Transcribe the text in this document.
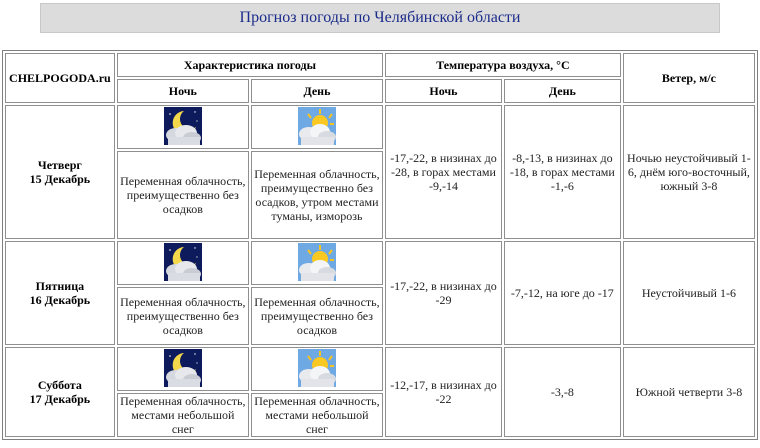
Прогноз погоды по Челябинской области
CHELPOGODA.ru	Характеристика погоды		Температура воздуха, °C		Ветер, м/с
	Ночь	День	Ночь	День	
Четверг
15 Декабрь			-17,-22, в низинах до -28, в горах местами -9,-14	-8,-13, в низинах до -18, в горах местами -1,-6	Ночью неустойчивый 1-6, днём юго-восточный, южный 3-8
	Переменная облачность, преимущественно без осадков	Переменная облачность, преимущественно без осадков, утром местами туманы, изморозь			
Пятница
16 Декабрь			-17,-22, в низинах до -29	-7,-12, на юге до -17	Неустойчивый 1-6
	Переменная облачность, преимущественно без осадков	Переменная облачность, преимущественно без осадков			
Суббота
17 Декабрь			-12,-17, в низинах до -22	-3,-8	Южной четверти 3-8
	Переменная облачность, местами небольшой снег	Переменная облачность, местами небольшой снег			
